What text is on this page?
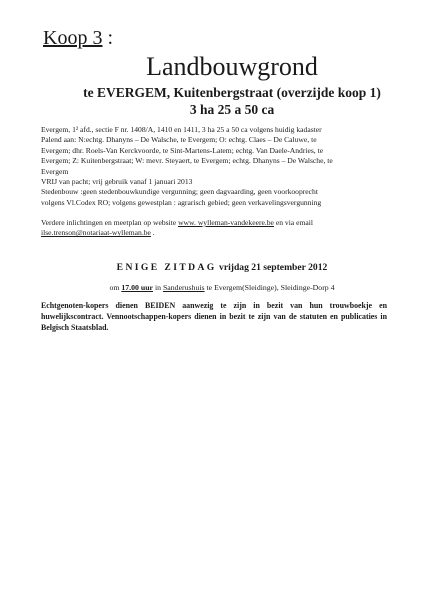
Koop 3 :
Landbouwgrond
te EVERGEM, Kuitenbergstraat (overzijde koop 1)
3 ha 25 a 50 ca

Evergem, 1² afd., sectie F nr. 1408/A, 1410 en 1411, 3 ha 25 a 50 ca volgens huidig kadaster

Palend aan: N:echtg. Dhanyns – De Walsche, te Evergem; O: echtg. Claes – De Caluwe, te

Evergem; dhr. Roels-Van Kerckvoorde, te Sint-Martens-Latem; echtg. Van Daele-Andries, te

Evergem; Z: Kuitenbergstraat; W: mevr. Steyaert, te Evergem; echtg. Dhanyns – De Walsche, te

Evergem

VRIJ van pacht; vrij gebruik vanaf 1 januari 2013

Stedenbouw :geen stedenbouwkundige vergunning; geen dagvaarding, geen voorkooprecht

volgens Vl.Codex RO; volgens gewestplan : agrarisch gebied; geen verkavelingsvergunning

Verdere inlichtingen en meetplan op website www. wylleman-vandekeere.be en via email

ilse.trenson@notariaat-wylleman.be .

ENIGE ZITDAG vrijdag 21 september 2012
om 17.00 uur in Sanderushuis te Evergem(Sleidinge), Sleidinge-Dorp 4

Echtgenoten-kopers dienen BEIDEN aanwezig te zijn in bezit van hun trouwboekje en huwelijkscontract. Vennootschappen-kopers dienen in bezit te zijn van de statuten en publicaties in Belgisch Staatsblad.
